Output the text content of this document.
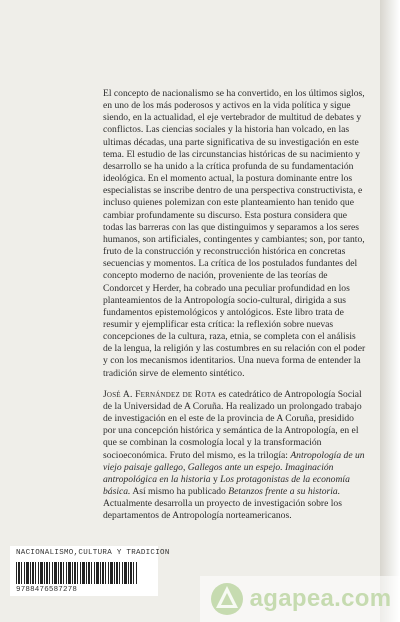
El concepto de nacionalismo se ha convertido, en los últimos siglos, en uno de los más poderosos y activos en la vida política y sigue siendo, en la actualidad, el eje vertebrador de multitud de debates y conflictos. Las ciencias sociales y la historia han volcado, en las ultimas décadas, una parte significativa de su investigación en este tema. El estudio de las circunstancias históricas de su nacimiento y desarrollo se ha unido a la crítica profunda de su fundamentación ideológica. En el momento actual, la postura dominante entre los especialistas se inscribe dentro de una perspectiva constructivista, e incluso quienes polemizan con este planteamiento han tenido que cambiar profundamente su discurso. Esta postura considera que todas las barreras con las que distinguimos y separamos a los seres humanos, son artificiales, contingentes y cambiantes; son, por tanto, fruto de la construcción y reconstrucción histórica en concretas secuencias y momentos. La crítica de los postulados fundantes del concepto moderno de nación, proveniente de las teorías de Condorcet y Herder, ha cobrado una peculiar profundidad en los planteamientos de la Antropología socio-cultural, dirigida a sus fundamentos epistemológicos y antológicos. Este libro trata de resumir y ejemplificar esta crítica: la reflexión sobre nuevas concepciones de la cultura, raza, etnia, se completa con el análisis de la lengua, la religión y las costumbres en su relación con el poder y con los mecanismos identitarios. Una nueva forma de entender la tradición sirve de elemento sintético.

José A. Fernández de Rota es catedrático de Antropología Social de la Universidad de A Coruña. Ha realizado un prolongado trabajo de investigación en el este de la provincia de A Coruña, presidido por una concepción histórica y semántica de la Antropología, en el que se combinan la cosmología local y la transformación socioeconómica. Fruto del mismo, es la trilogía: Antropología de un viejo paisaje gallego, Gallegos ante un espejo. Imaginación antropológica en la historia y Los protagonistas de la economía básica. Así mismo ha publicado Betanzos frente a su historia. Actualmente desarrolla un proyecto de investigación sobre los departamentos de Antropología norteamericanos.

NACIONALISMO,CULTURA Y TRADICION
9788476587278	agapea.com
